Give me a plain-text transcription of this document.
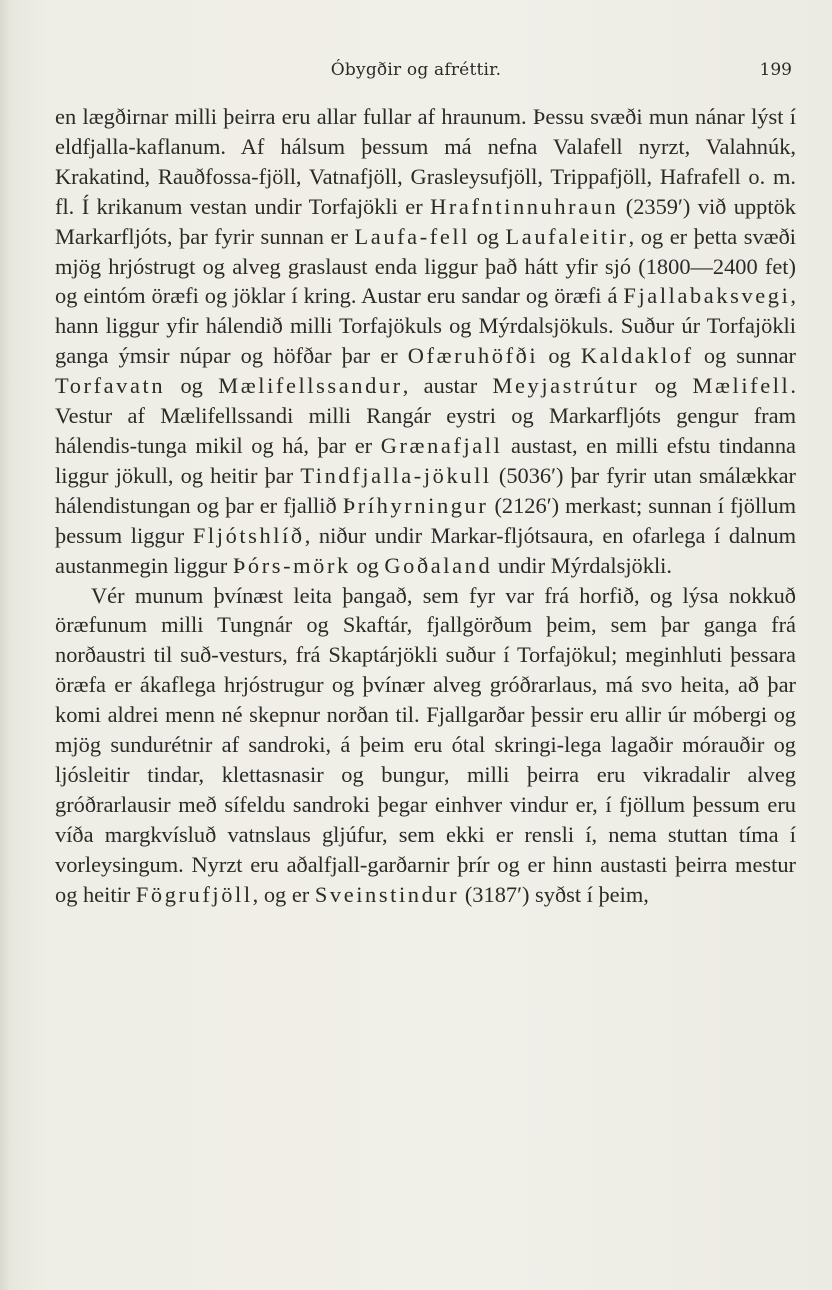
Óbygðir og afréttir.	199

en lægðirnar milli þeirra eru allar fullar af hraunum. Þessu svæði mun nánar lýst í eldfjalla-kaflanum. Af hálsum þessum má nefna Valafell nyrzt, Valahnúk, Krakatind, Rauðfossa-fjöll, Vatnafjöll, Grasleysufjöll, Trippafjöll, Hafrafell o. m. fl. Í krikanum vestan undir Torfajökli er Hrafntinnuhraun (2359′) við upptök Markarfljóts, þar fyrir sunnan er Laufa-fell og Laufaleitir, og er þetta svæði mjög hrjóstrugt og alveg graslaust enda liggur það hátt yfir sjó (1800—2400 fet) og eintóm öræfi og jöklar í kring. Austar eru sandar og öræfi á Fjallabaksvegi, hann liggur yfir hálendið milli Torfajökuls og Mýrdalsjökuls. Suður úr Torfajökli ganga ýmsir núpar og höfðar þar er Ofæruhöfði og Kaldaklof og sunnar Torfavatn og Mælifellssandur, austar Meyjastrútur og Mælifell. Vestur af Mælifellssandi milli Rangár eystri og Markarfljóts gengur fram hálendis-tunga mikil og há, þar er Grænafjall austast, en milli efstu tindanna liggur jökull, og heitir þar Tindfjalla-jökull (5036′) þar fyrir utan smálækkar hálendistungan og þar er fjallið Þríhyrningur (2126′) merkast; sunnan í fjöllum þessum liggur Fljótshlíð, niður undir Markar-fljótsaura, en ofarlega í dalnum austanmegin liggur Þórs-mörk og Goðaland undir Mýrdalsjökli.

Vér munum þvínæst leita þangað, sem fyr var frá horfið, og lýsa nokkuð öræfunum milli Tungnár og Skaftár, fjallgörðum þeim, sem þar ganga frá norðaustri til suð-vesturs, frá Skaptárjökli suður í Torfajökul; meginhluti þessara öræfa er ákaflega hrjóstrugur og þvínær alveg gróðrarlaus, má svo heita, að þar komi aldrei menn né skepnur norðan til. Fjallgarðar þessir eru allir úr móbergi og mjög sundurétnir af sandroki, á þeim eru ótal skringi-lega lagaðir mórauðir og ljósleitir tindar, klettasnasir og bungur, milli þeirra eru vikradalir alveg gróðrarlausir með sífeldu sandroki þegar einhver vindur er, í fjöllum þessum eru víða margkvísluð vatnslaus gljúfur, sem ekki er rensli í, nema stuttan tíma í vorleysingum. Nyrzt eru aðalfjall-garðarnir þrír og er hinn austasti þeirra mestur og heitir Fögrufjöll, og er Sveinstindur (3187′) syðst í þeim,
